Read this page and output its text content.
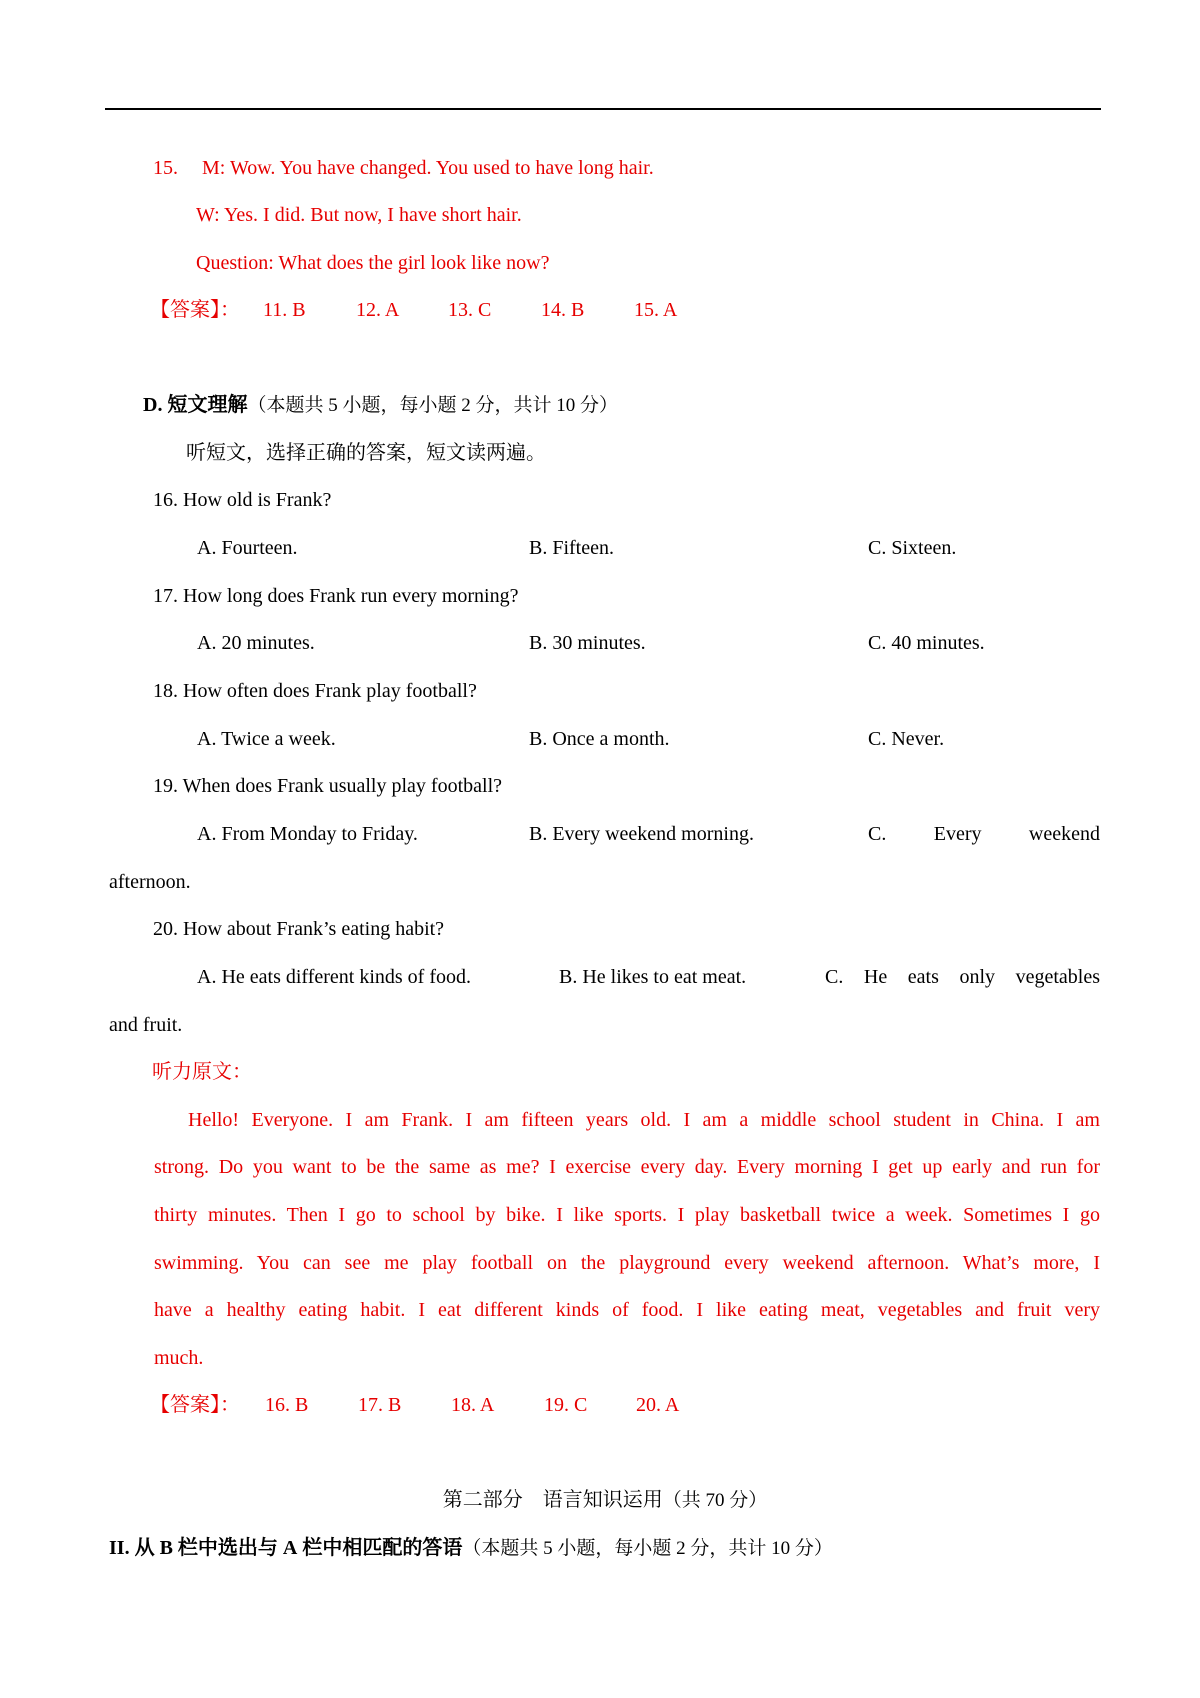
15. M: Wow. You have changed. You used to have long hair.
W: Yes. I did. But now, I have short hair.
Question: What does the girl look like now?
【答案】： 11. B	12. A 13. C 14. B 15. A
D. 短文理解（本题共 5 小题，每小题 2 分，共计 10 分）
听短文，选择正确的答案，短文读两遍。
16. How old is Frank?
A. Fourteen.	B. Fifteen.	C. Sixteen.
17. How long does Frank run every morning?
A. 20 minutes.	B. 30 minutes.	C. 40 minutes.
18. How often does Frank play football?
A. Twice a week.	B. Once a month.	C. Never.
19. When does Frank usually play football?
A. From Monday to Friday.	B. Every weekend morning.	C. Every weekend
afternoon.
20. How about Frank’s eating habit?
A. He eats different kinds of food.	B. He likes to eat meat.	C. He eats only vegetables
and fruit.
听力原文：
Hello! Everyone. I am Frank. I am fifteen years old. I am a middle school student in China. I am
strong. Do you want to be the same as me? I exercise every day. Every morning I get up early and run for
thirty minutes. Then I go to school by bike. I like sports. I play basketball twice a week. Sometimes I go
swimming. You can see me play football on the playground every weekend afternoon. What’s more, I
have a healthy eating habit. I eat different kinds of food. I like eating meat, vegetables and fruit very
much.
【答案】： 16. B 17. B 18. A 19. C 20. A
第二部分　语言知识运用（共 70 分）
II. 从 B 栏中选出与 A 栏中相匹配的答语（本题共 5 小题，每小题 2 分，共计 10 分）
